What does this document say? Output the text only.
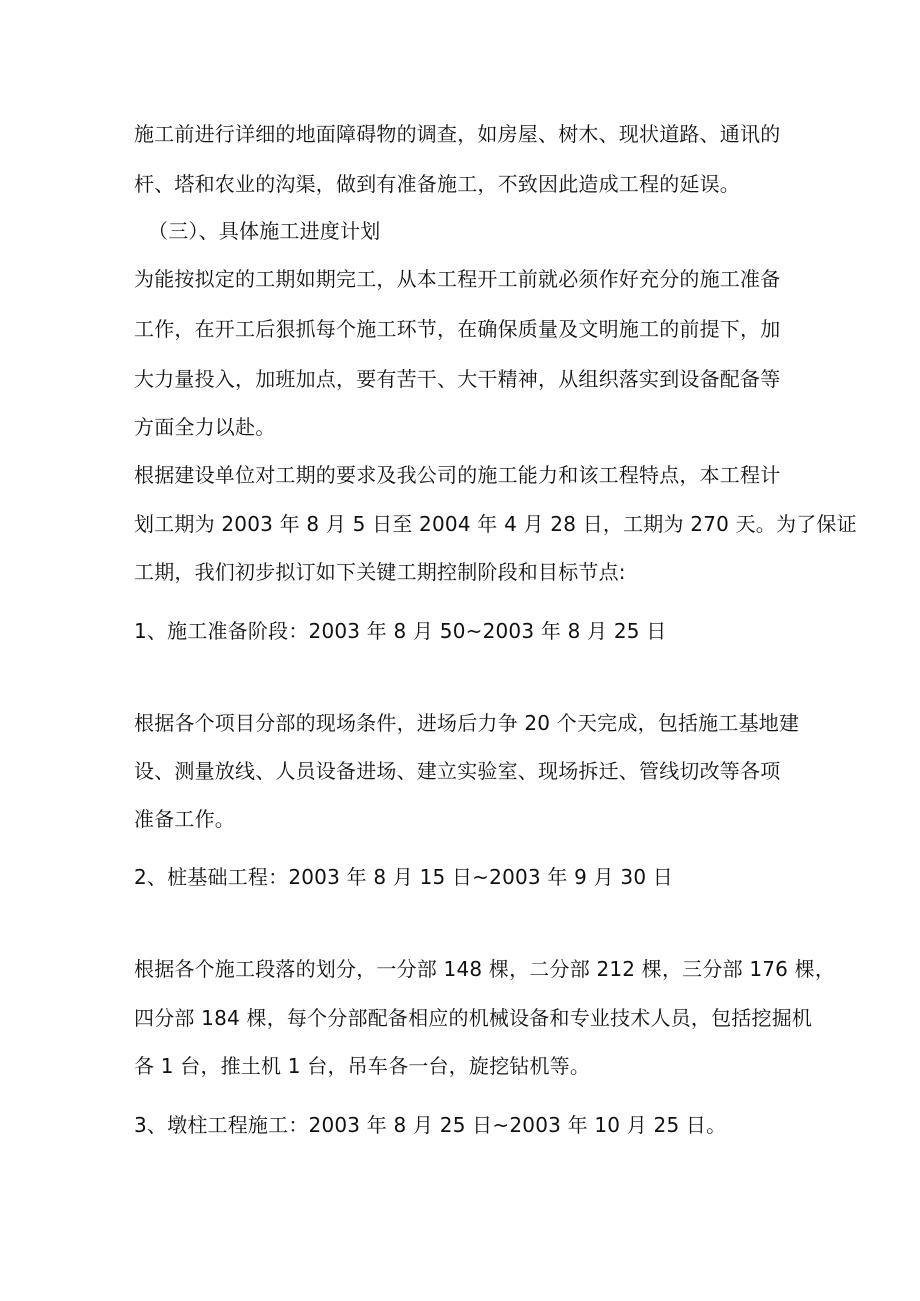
施工前进行详细的地面障碍物的调查，如房屋、树木、现状道路、通讯的
杆、塔和农业的沟渠，做到有准备施工，不致因此造成工程的延误。
（三）、具体施工进度计划
为能按拟定的工期如期完工，从本工程开工前就必须作好充分的施工准备
工作，在开工后狠抓每个施工环节，在确保质量及文明施工的前提下，加
大力量投入，加班加点，要有苦干、大干精神，从组织落实到设备配备等
方面全力以赴。
根据建设单位对工期的要求及我公司的施工能力和该工程特点，本工程计
划工期为 2003 年 8 月 5 日至 2004 年 4 月 28 日，工期为 270 天。为了保证
工期，我们初步拟订如下关键工期控制阶段和目标节点:
1、施工准备阶段：2003 年 8 月 50~2003 年 8 月 25 日
根据各个项目分部的现场条件，进场后力争 20 个天完成，包括施工基地建
设、测量放线、人员设备进场、建立实验室、现场拆迁、管线切改等各项
准备工作。
2、桩基础工程：2003 年 8 月 15 日~2003 年 9 月 30 日
根据各个施工段落的划分，一分部 148 棵，二分部 212 棵，三分部 176 棵，
四分部 184 棵，每个分部配备相应的机械设备和专业技术人员，包括挖掘机
各 1 台，推土机 1 台，吊车各一台，旋挖钻机等。
3、墩柱工程施工：2003 年 8 月 25 日~2003 年 10 月 25 日。
